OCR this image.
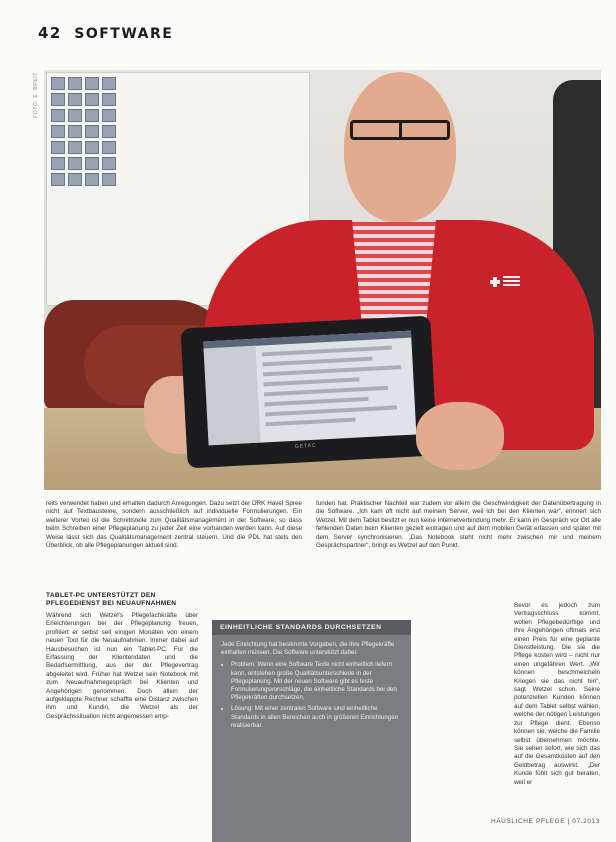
42 SOFTWARE
FOTO: E. BREIT
GETAC

reits verwendet haben und erhalten dadurch Anregungen. Dazu setzt der DRK Havel Spree nicht auf Textbausteine, sondern ausschließlich auf individuelle Formulierungen. Ein weiterer Vorteil ist die Schnittstelle zum Qualitätsmanagement in der Software, so dass beim Schreiben einer Pflegeplanung zu jeder Zeit eine vorhanden werden kann. Auf diese Weise lässt sich das Qualitätsmanagement zentral steuern. Und die PDL hat stets den Überblick, ob alle Pflegeplanungen aktuell sind.

TABLET-PC UNTERSTÜTZT DEN PFLEGEDIENST BEI NEUAUFNAHMEN

Während sich Wetzel's Pflegefachkräfte über Erleichterungen bei der Pflegeplanung freuen, profitiert er selbst seit einigen Monaten von einem neuen Tool für die Neuaufnahmen. Immer dabei auf Hausbesuchen ist nun ein Tablet-PC. Für die Erfassung der Klientendaten und die Bedarfsermittlung, aus der der Pflegevertrag abgeleitet wird. Früher hat Wetzel sein Notebook mit zum Neuaufnahmegespräch bei Klienten und Angehörigen genommen. Doch allein der aufgeklappte Rechner schaffte eine Distanz zwischen ihm und Kundin, die Wetzel als der Gesprächssituation nicht angemessen emp-

funden hat. Praktischer Nachteil war zudem vor allem die Geschwindigkeit der Datenübertragung in die Software. „Ich kam oft nicht auf meinem Server, weil ich bei den Klienten war“, erinnert sich Wetzel. Mit dem Tablet besitzt er nun keine Internetverbindung mehr. Er kann im Gespräch vor Ort alle fehlenden Daten beim Klienten gezielt eintragen und auf dem mobilen Gerät erfassen und später mit dem Server synchronisieren. „Das Notebook steht nicht mehr zwischen mir und meinem Gesprächspartner“, bringt es Wetzel auf den Punkt.

Bevor es jedoch zum Vertragsschluss kommt, wollen Pflegebedürftige und ihre Angehörigen oftmals erst einen Preis für eine geplante Dienstleistung. Die sie die Pflege kosten wird – nicht nur einen ungefähren Wert. „Wir können beschmeicheln Kriegen sie das nicht hin“, sagt Wetzel schon. Seine potenziellen Kunden können auf dem Tablet selbst wählen, welche der nötigen Leistungen zur Pflege dient. Ebenso können sie, welche die Familie selbst übernehmen möchte. Sie sehen sofort, wie sich das auf die Gesamtkosten auf den Geldbetrag auswirkt. „Der Kunde fühlt sich gut beraten, weil er

EINHEITLICHE STANDARDS DURCHSETZEN

Jede Einrichtung hat bestimmte Vorgaben, die ihre Pflegekräfte einhalten müssen. Die Software unterstützt dabei:

• Problem: Wenn eine Software Texte nicht einheitlich liefern kann, entstehen große Qualitätsunterschiede in der Pflegeplanung. Mit der neuen Software gibt es feste Formulierungsvorschläge, die einheitliche Standards bei den Pflegekräften durchsetzen.
• Lösung: Mit einer zentralen Software sind einheitliche Standards in allen Bereichen auch in größeren Einrichtungen realisierbar.
HÄUSLICHE PFLEGE | 07.2013
